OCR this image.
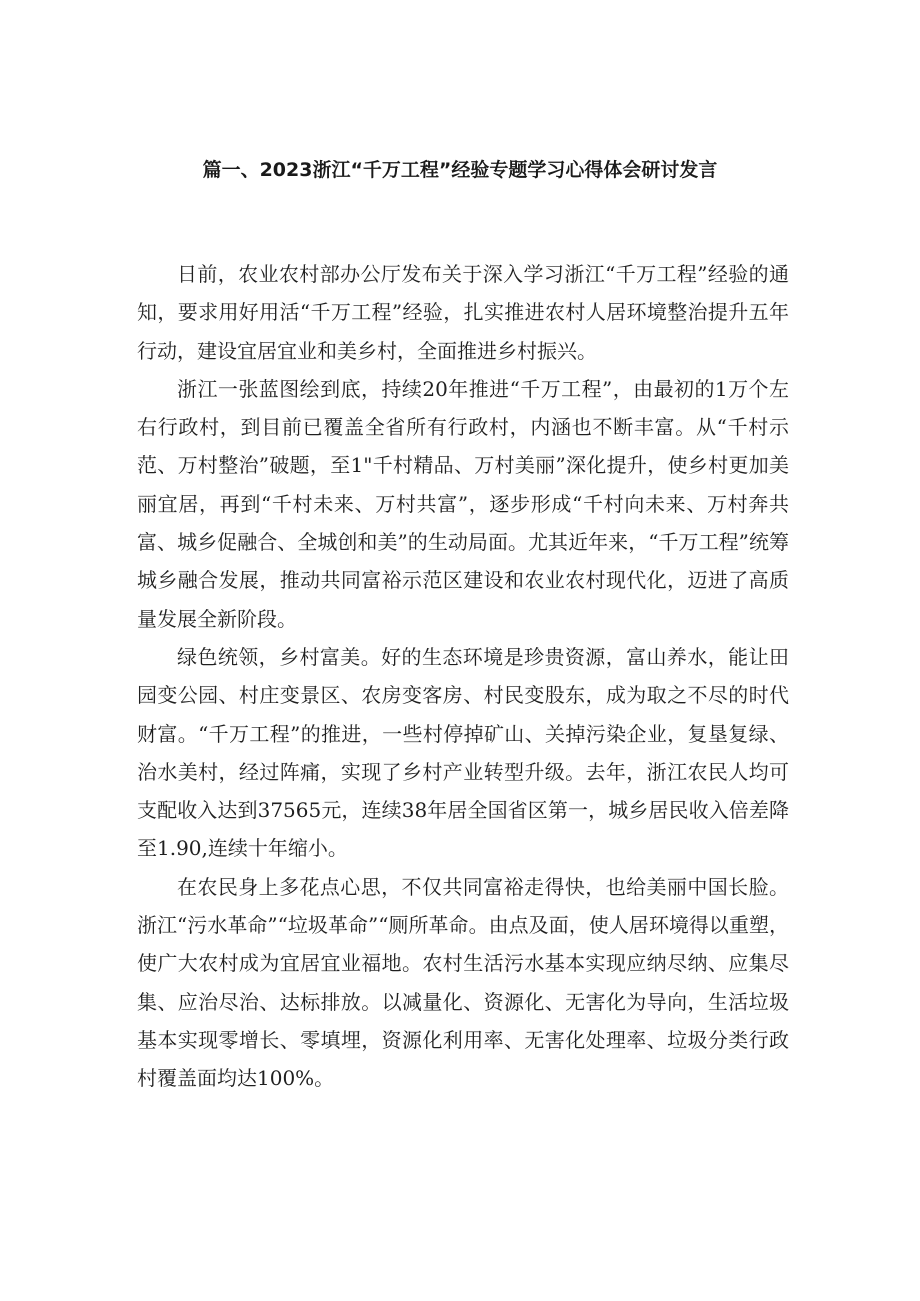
篇一、2023浙江“千万工程”经验专题学习心得体会研讨发言

日前，农业农村部办公厅发布关于深入学习浙江“千万工程”经验的通知，要求用好用活“千万工程”经验，扎实推进农村人居环境整治提升五年行动，建设宜居宜业和美乡村，全面推进乡村振兴。

浙江一张蓝图绘到底，持续20年推进“千万工程”，由最初的1万个左右行政村，到目前已覆盖全省所有行政村，内涵也不断丰富。从“千村示范、万村整治”破题，至1"千村精品、万村美丽”深化提升，使乡村更加美丽宜居，再到“千村未来、万村共富”，逐步形成“千村向未来、万村奔共富、城乡促融合、全城创和美”的生动局面。尤其近年来，“千万工程”统筹城乡融合发展，推动共同富裕示范区建设和农业农村现代化，迈进了高质量发展全新阶段。

绿色统领，乡村富美。好的生态环境是珍贵资源，富山养水，能让田园变公园、村庄变景区、农房变客房、村民变股东，成为取之不尽的时代财富。“千万工程”的推进，一些村停掉矿山、关掉污染企业，复垦复绿、治水美村，经过阵痛，实现了乡村产业转型升级。去年，浙江农民人均可支配收入达到37565元，连续38年居全国省区第一，城乡居民收入倍差降至1.90,连续十年缩小。

在农民身上多花点心思，不仅共同富裕走得快，也给美丽中国长脸。浙江“污水革命”“垃圾革命”“厕所革命。由点及面，使人居环境得以重塑，使广大农村成为宜居宜业福地。农村生活污水基本实现应纳尽纳、应集尽集、应治尽治、达标排放。以减量化、资源化、无害化为导向，生活垃圾基本实现零增长、零填埋，资源化利用率、无害化处理率、垃圾分类行政村覆盖面均达100%。
